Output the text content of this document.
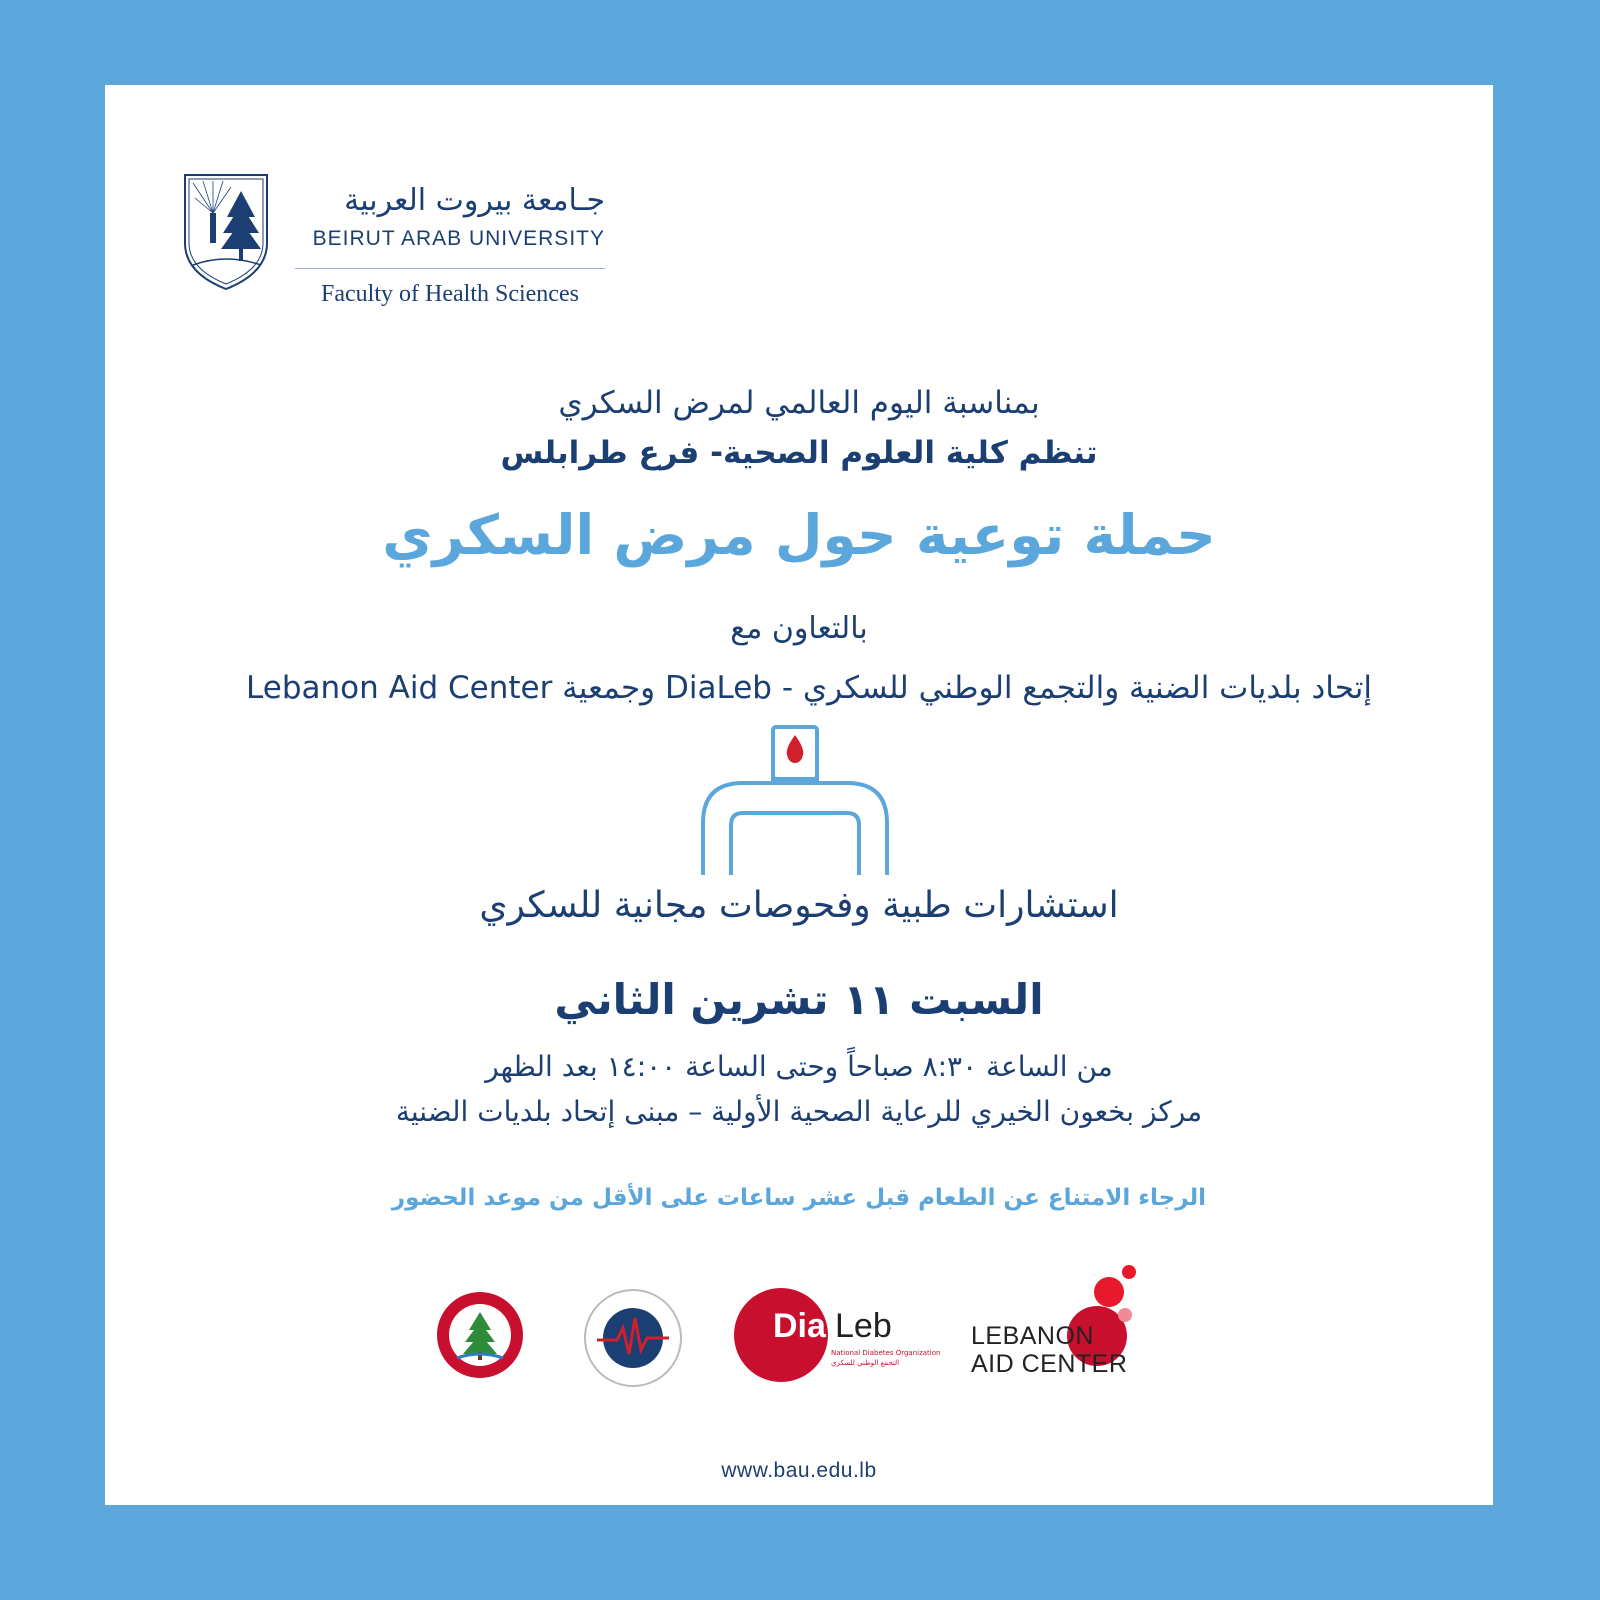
جـامعة بيروت العربية
BEIRUT ARAB UNIVERSITY
Faculty of Health Sciences
بمناسبة اليوم العالمي لمرض السكري
تنظم كلية العلوم الصحية- فرع طرابلس
حملة توعية حول مرض السكري
بالتعاون مع
إتحاد بلديات الضنية والتجمع الوطني للسكري - DiaLeb وجمعية Lebanon Aid Center
استشارات طبية وفحوصات مجانية للسكري
السبت ١١ تشرين الثاني
من الساعة ٨:٣٠ صباحاً وحتى الساعة ١٤:٠٠ بعد الظهر
مركز بخعون الخيري للرعاية الصحية الأولية – مبنى إتحاد بلديات الضنية
الرجاء الامتناع عن الطعام قبل عشر ساعات على الأقل من موعد الحضور
Dia Leb
National Diabetes Organization
التجمع الوطني للسكري
LEBANON
AID CENTER
www.bau.edu.lb
